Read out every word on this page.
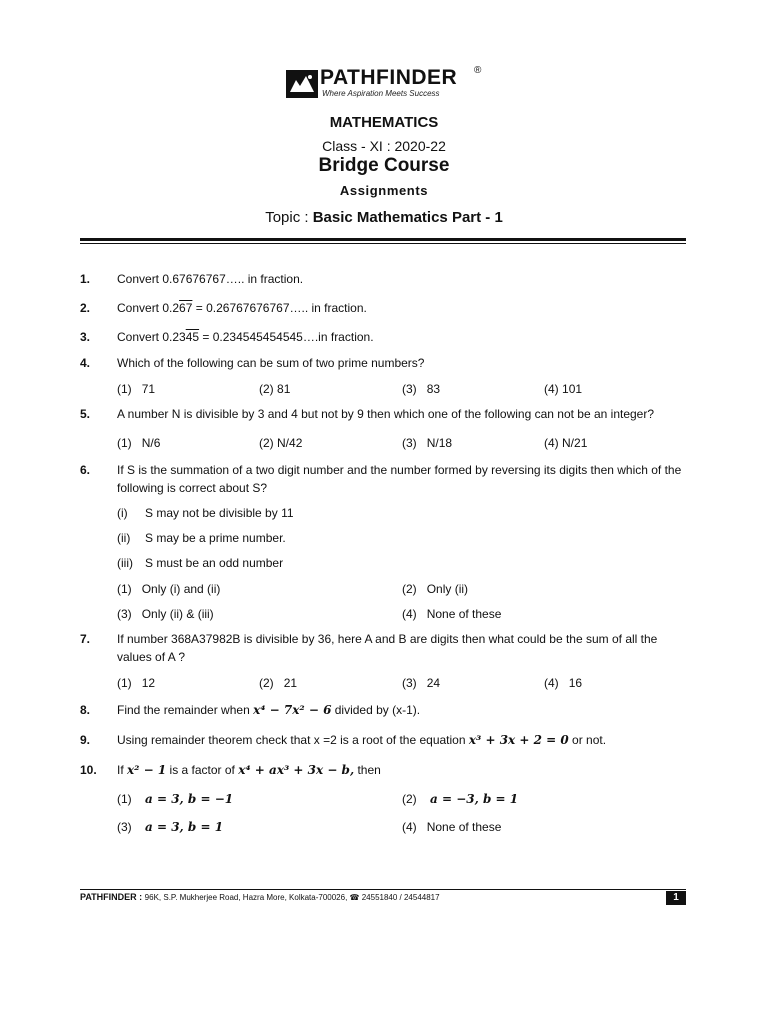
PATHFINDER ®
Where Aspiration Meets Success
MATHEMATICS
Class - XI : 2020-22
Bridge Course
Assignments
Topic : Basic Mathematics Part - 1
1. Convert 0.67676767….. in fraction.
2. Convert 0.267 = 0.26767676767….. in fraction.
3. Convert 0.2345 = 0.234545454545….in fraction.
4. Which of the following can be sum of two prime numbers?
(1) 71	(2) 81	(3) 83	(4) 101
5. A number N is divisible by 3 and 4 but not by 9 then which one of the following can not be an integer?
(1) N/6	(2) N/42	(3) N/18	(4) N/21
6. If S is the summation of a two digit number and the number formed by reversing its digits then which of the following is correct about S?
(i) S may not be divisible by 11
(ii) S may be a prime number.
(iii) S must be an odd number
(1) Only (i) and (ii)	(2) Only (ii)
(3) Only (ii) & (iii)	(4) None of these
7. If number 368A37982B is divisible by 36, here A and B are digits then what could be the sum of all the values of A ?
(1) 12	(2) 21	(3) 24	(4) 16
8. Find the remainder when x⁴ − 7x² − 6 divided by (x-1).
9. Using remainder theorem check that x =2 is a root of the equation x³ + 3x + 2 = 0 or not.
10. If x² − 1 is a factor of x⁴ + ax³ + 3x − b, then
(1) a = 3, b = −1	(2) a = −3, b = 1
(3) a = 3, b = 1	(4) None of these
PATHFINDER : 96K, S.P. Mukherjee Road, Hazra More, Kolkata-700026, ☎ 24551840 / 24544817	1
